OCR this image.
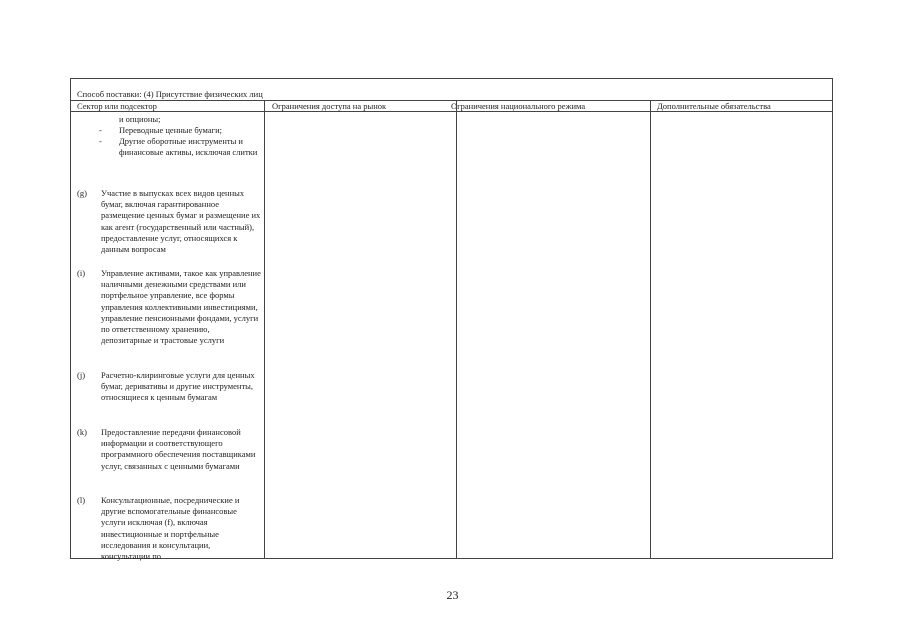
Способ поставки: (4) Присутствие физических лиц
Сектор или подсектор	Ограничения доступа на рынок	Ограничения национального режима	Дополнительные обязательства
и опционы;
- Переводные ценные бумаги;
- Другие оборотные инструменты и финансовые активы, исключая слитки
(g) Участие в выпусках всех видов ценных бумаг, включая гарантированное размещение ценных бумаг и размещение их как агент (государственный или частный), предоставление услуг, относящихся к данным вопросам
(i) Управление активами, такое как управление наличными денежными средствами или портфельное управление, все формы управления коллективными инвестициями, управление пенсионными фондами, услуги по ответственному хранению, депозитарные и трастовые услуги
(j) Расчетно-клиринговые услуги для ценных бумаг, деривативы и другие инструменты, относящиеся к ценным бумагам
(k) Предоставление передачи финансовой информации и соответствующего программного обеспечения поставщиками услуг, связанных с ценными бумагами
(l) Консультационные, посреднические и другие вспомогательные финансовые услуги исключая (f), включая инвестиционные и портфельные исследования и консультации, консультации по
23
